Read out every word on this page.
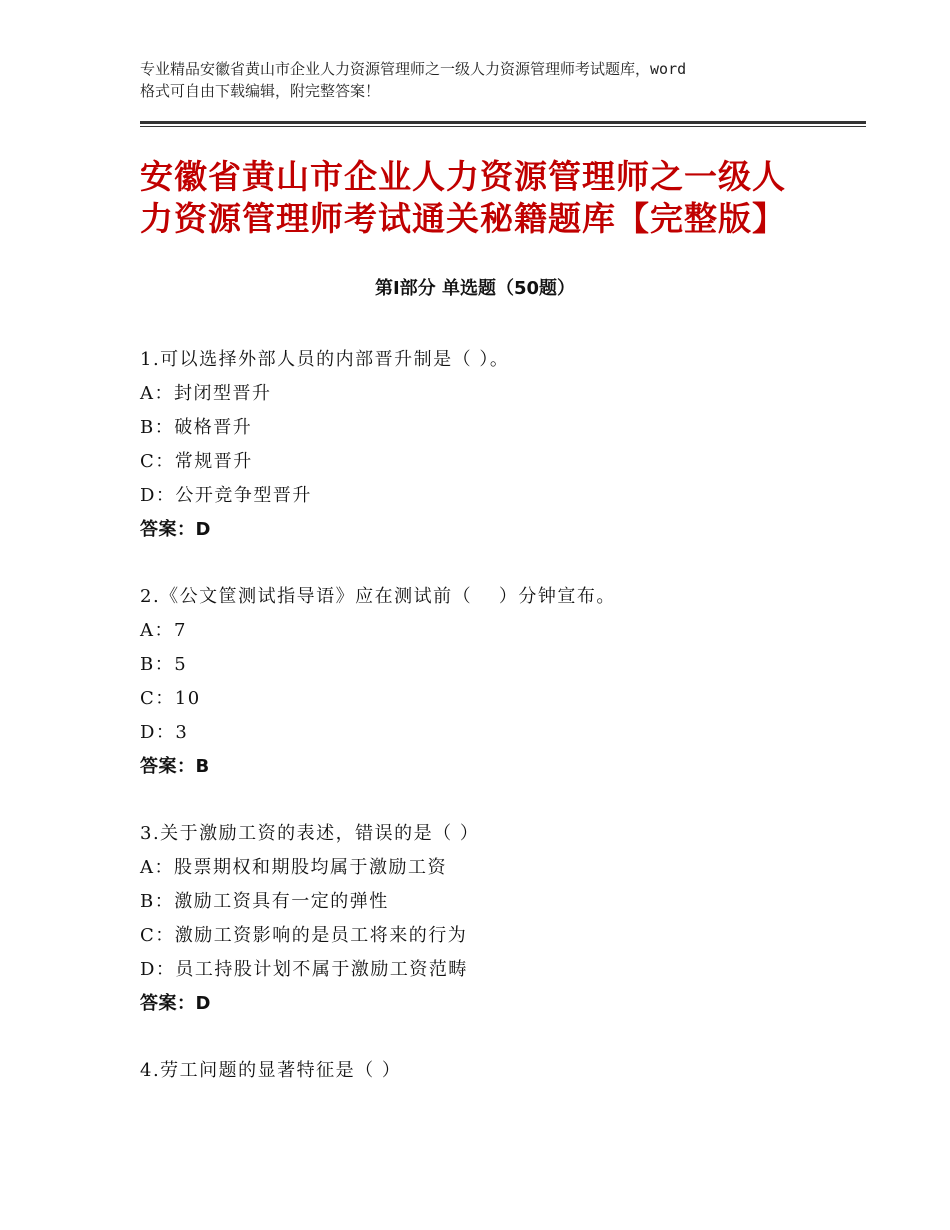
专业精品安徽省黄山市企业人力资源管理师之一级人力资源管理师考试题库，word
格式可自由下载编辑，附完整答案！
安徽省黄山市企业人力资源管理师之一级人
力资源管理师考试通关秘籍题库【完整版】
第Ⅰ部分 单选题（50题）
1.可以选择外部人员的内部晋升制是（ ）。
A：封闭型晋升
B：破格晋升
C：常规晋升
D：公开竞争型晋升
答案：D
2.《公文筐测试指导语》应在测试前（　 ）分钟宣布。
A：7
B：5
C：10
D：3
答案：B
3.关于激励工资的表述，错误的是（ ）
A：股票期权和期股均属于激励工资
B：激励工资具有一定的弹性
C：激励工资影响的是员工将来的行为
D：员工持股计划不属于激励工资范畴
答案：D
4.劳工问题的显著特征是（ ）
